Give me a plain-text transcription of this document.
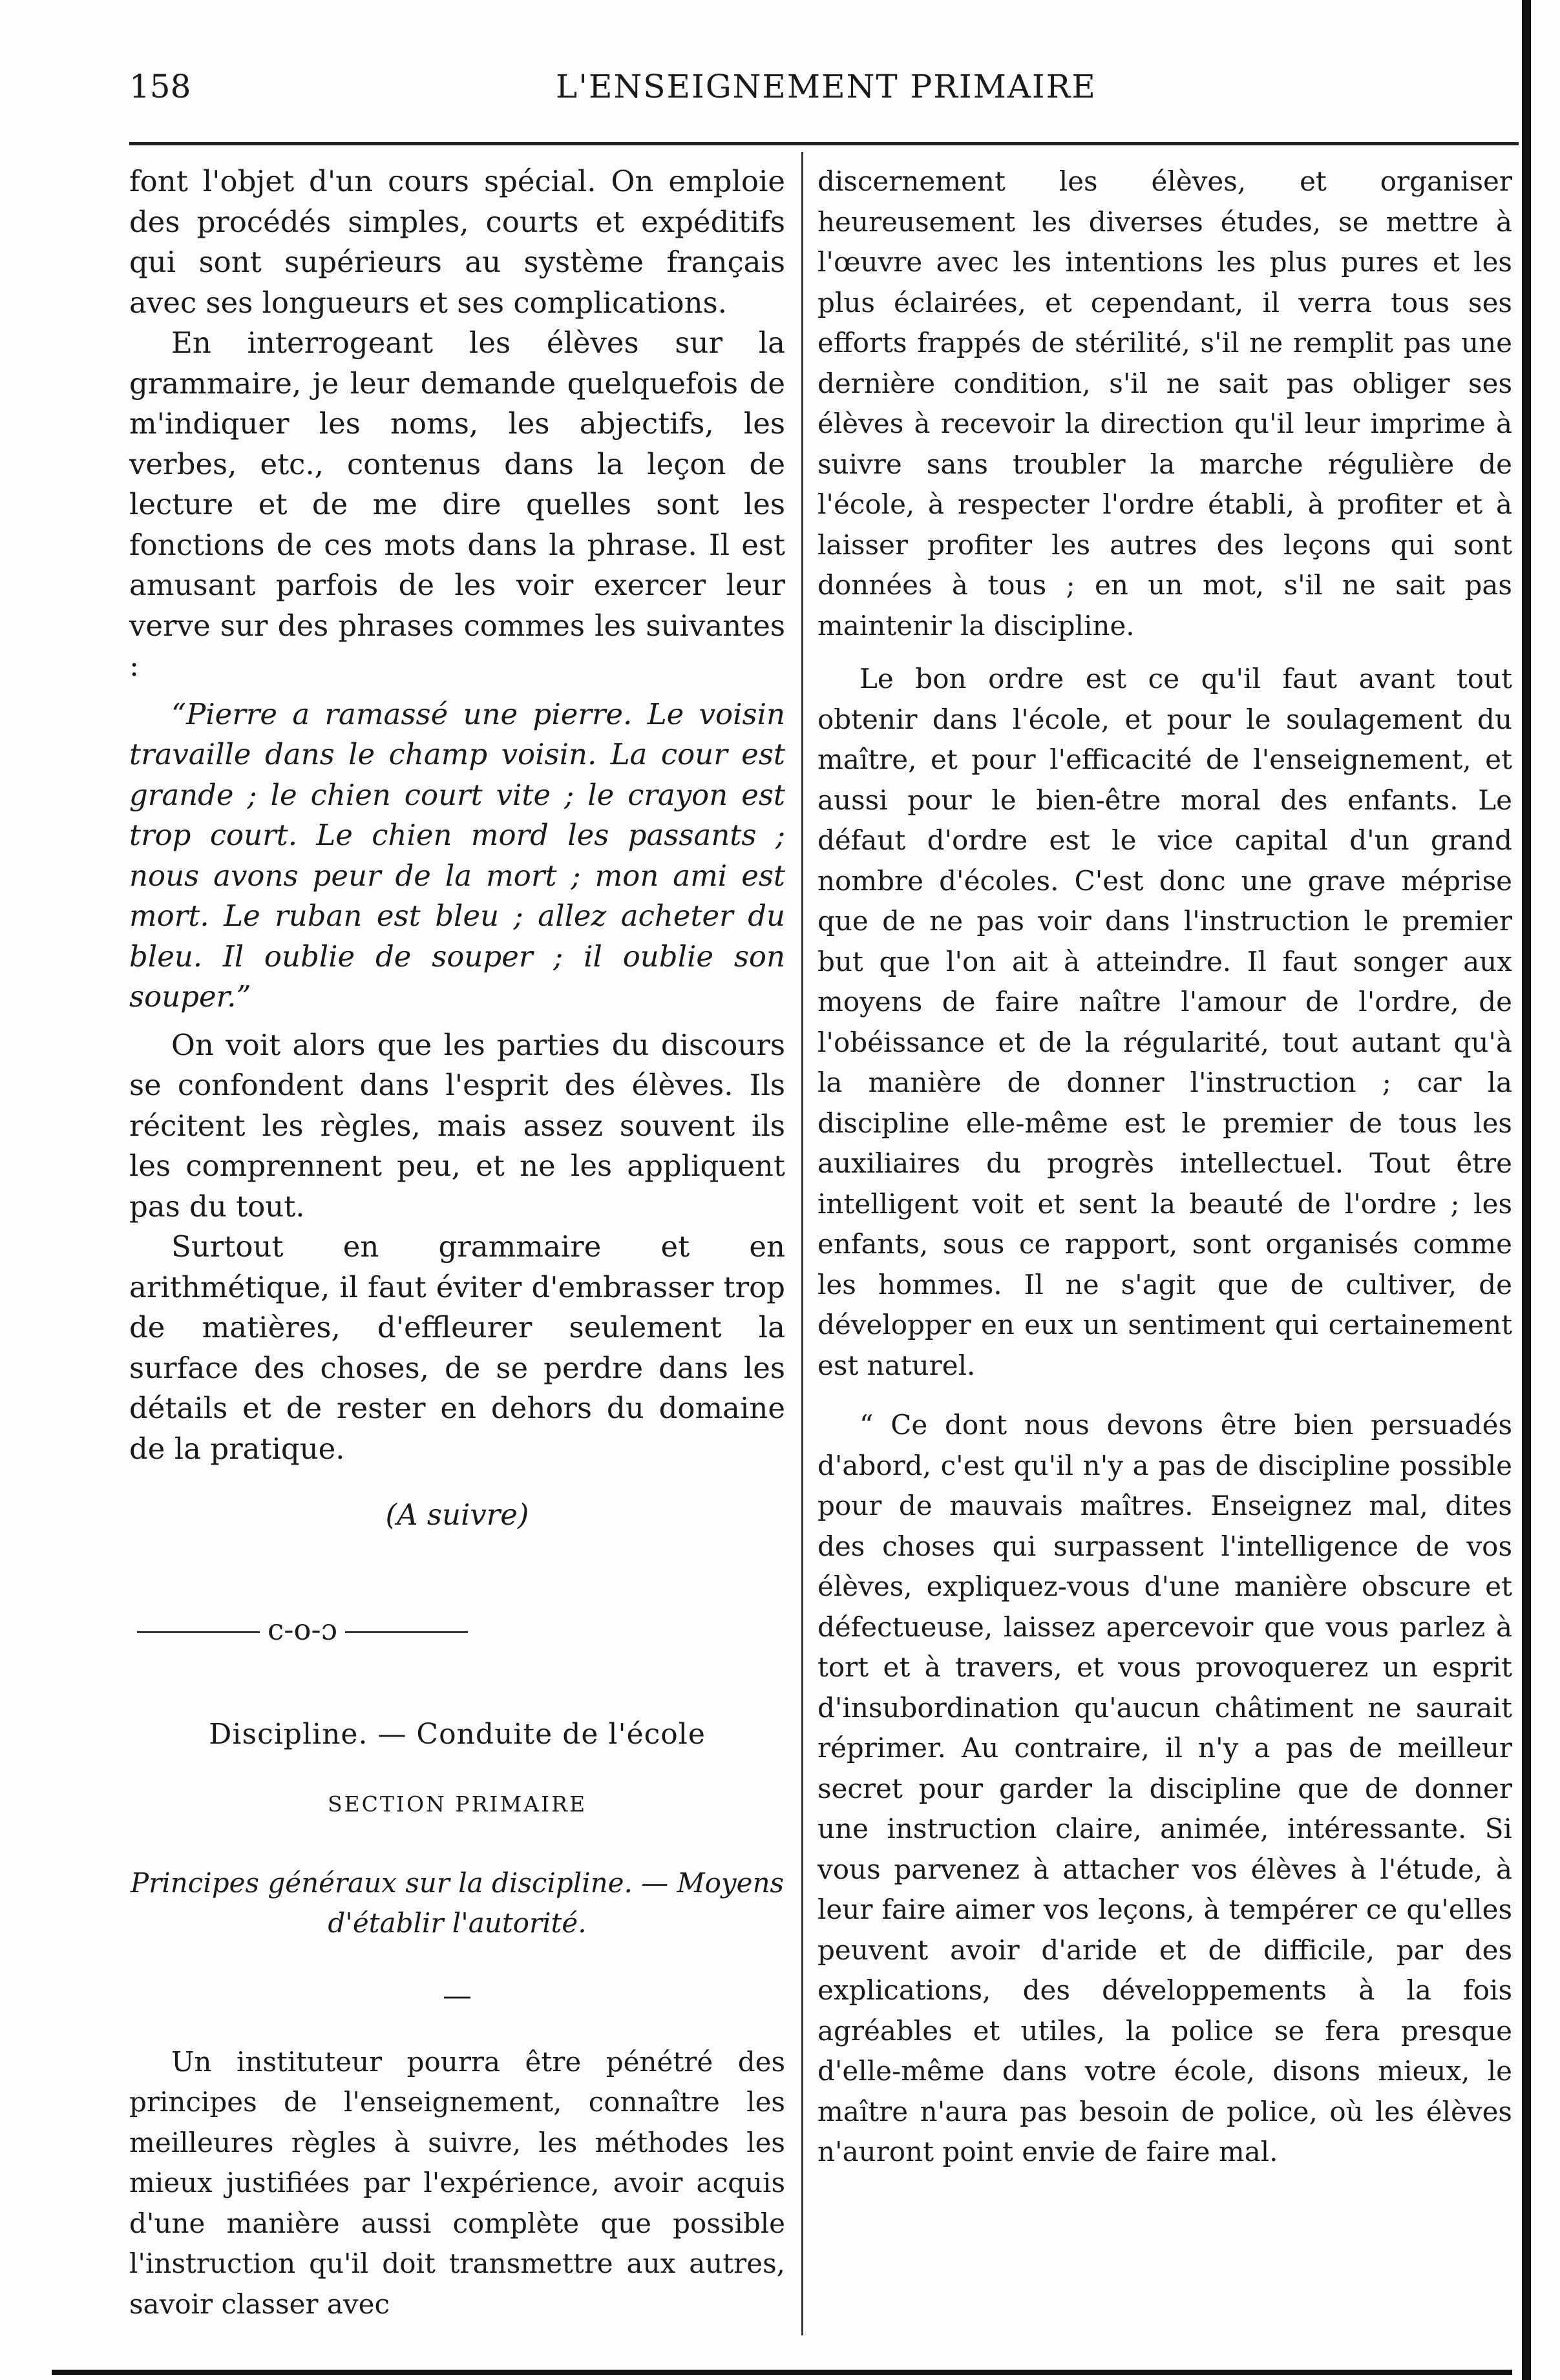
158	L'ENSEIGNEMENT PRIMAIRE

font l'objet d'un cours spécial. On emploie des procédés simples, courts et expéditifs qui sont supérieurs au système français avec ses longueurs et ses complications.

En interrogeant les élèves sur la grammaire, je leur demande quelquefois de m'indiquer les noms, les abjectifs, les verbes, etc., contenus dans la leçon de lecture et de me dire quelles sont les fonctions de ces mots dans la phrase. Il est amusant parfois de les voir exercer leur verve sur des phrases commes les suivantes :

“Pierre a ramassé une pierre. Le voisin travaille dans le champ voisin. La cour est grande ; le chien court vite ; le crayon est trop court. Le chien mord les passants ; nous avons peur de la mort ; mon ami est mort. Le ruban est bleu ; allez acheter du bleu. Il oublie de souper ; il oublie son souper.”

On voit alors que les parties du discours se confondent dans l'esprit des élèves. Ils récitent les règles, mais assez souvent ils les comprennent peu, et ne les appliquent pas du tout.

Surtout en grammaire et en arithmétique, il faut éviter d'embrasser trop de matières, d'effleurer seulement la surface des choses, de se perdre dans les détails et de rester en dehors du domaine de la pratique.

(A suivre)

c-o-ɔ

Discipline. — Conduite de l'école

SECTION PRIMAIRE

Principes généraux sur la discipline. — Moyens d'établir l'autorité.

—

Un instituteur pourra être pénétré des principes de l'enseignement, connaître les meilleures règles à suivre, les méthodes les mieux justifiées par l'expérience, avoir acquis d'une manière aussi complète que possible l'instruction qu'il doit transmettre aux autres, savoir classer avec

discernement les élèves, et organiser heureusement les diverses études, se mettre à l'œuvre avec les intentions les plus pures et les plus éclairées, et cependant, il verra tous ses efforts frappés de stérilité, s'il ne remplit pas une dernière condition, s'il ne sait pas obliger ses élèves à recevoir la direction qu'il leur imprime à suivre sans troubler la marche régulière de l'école, à respecter l'ordre établi, à profiter et à laisser profiter les autres des leçons qui sont données à tous ; en un mot, s'il ne sait pas maintenir la discipline.

Le bon ordre est ce qu'il faut avant tout obtenir dans l'école, et pour le soulagement du maître, et pour l'efficacité de l'enseignement, et aussi pour le bien-être moral des enfants. Le défaut d'ordre est le vice capital d'un grand nombre d'écoles. C'est donc une grave méprise que de ne pas voir dans l'instruction le premier but que l'on ait à atteindre. Il faut songer aux moyens de faire naître l'amour de l'ordre, de l'obéissance et de la régularité, tout autant qu'à la manière de donner l'instruction ; car la discipline elle-même est le premier de tous les auxiliaires du progrès intellectuel. Tout être intelligent voit et sent la beauté de l'ordre ; les enfants, sous ce rapport, sont organisés comme les hommes. Il ne s'agit que de cultiver, de développer en eux un sentiment qui certainement est naturel.

“ Ce dont nous devons être bien persuadés d'abord, c'est qu'il n'y a pas de discipline possible pour de mauvais maîtres. Enseignez mal, dites des choses qui surpassent l'intelligence de vos élèves, expliquez-vous d'une manière obscure et défectueuse, laissez apercevoir que vous parlez à tort et à travers, et vous provoquerez un esprit d'insubordination qu'aucun châtiment ne saurait réprimer. Au contraire, il n'y a pas de meilleur secret pour garder la discipline que de donner une instruction claire, animée, intéressante. Si vous parvenez à attacher vos élèves à l'étude, à leur faire aimer vos leçons, à tempérer ce qu'elles peuvent avoir d'aride et de difficile, par des explications, des développements à la fois agréables et utiles, la police se fera presque d'elle-même dans votre école, disons mieux, le maître n'aura pas besoin de police, où les élèves n'auront point envie de faire mal.
